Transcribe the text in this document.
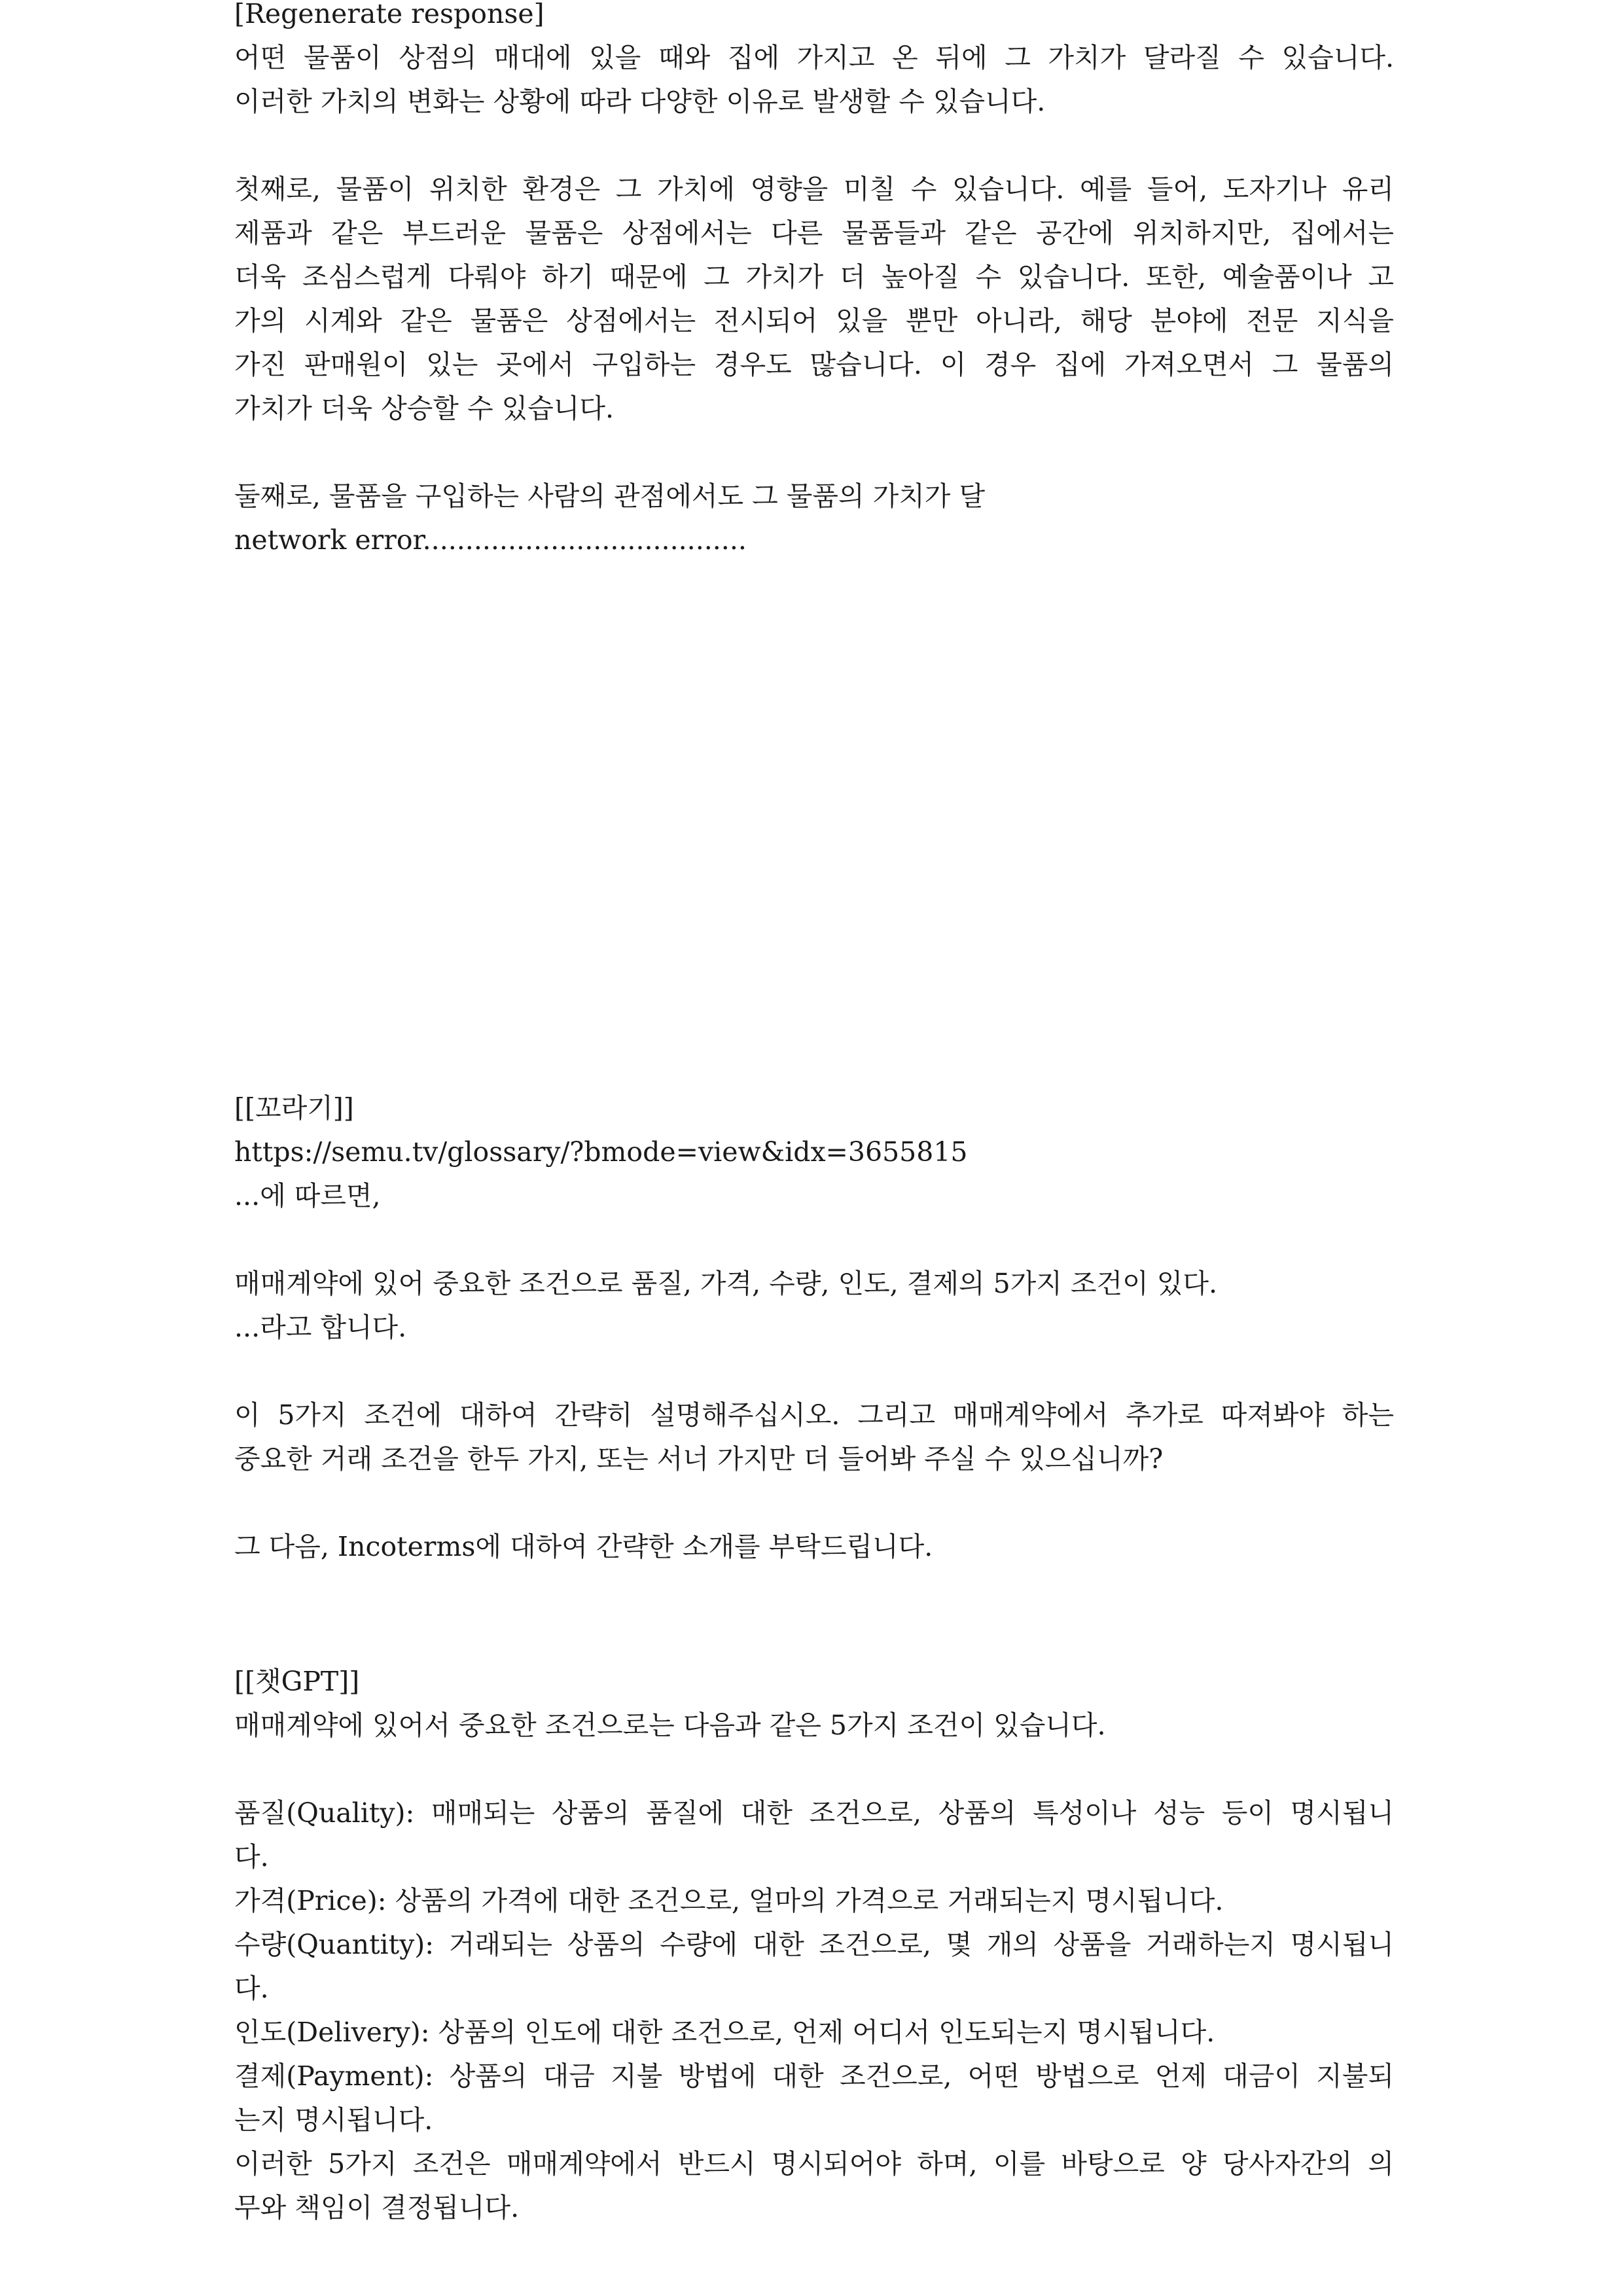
[Regenerate response]
어떤 물품이 상점의 매대에 있을 때와 집에 가지고 온 뒤에 그 가치가 달라질 수 있습니다.
이러한 가치의 변화는 상황에 따라 다양한 이유로 발생할 수 있습니다.
첫째로, 물품이 위치한 환경은 그 가치에 영향을 미칠 수 있습니다. 예를 들어, 도자기나 유리
제품과 같은 부드러운 물품은 상점에서는 다른 물품들과 같은 공간에 위치하지만, 집에서는
더욱 조심스럽게 다뤄야 하기 때문에 그 가치가 더 높아질 수 있습니다. 또한, 예술품이나 고
가의 시계와 같은 물품은 상점에서는 전시되어 있을 뿐만 아니라, 해당 분야에 전문 지식을
가진 판매원이 있는 곳에서 구입하는 경우도 많습니다. 이 경우 집에 가져오면서 그 물품의
가치가 더욱 상승할 수 있습니다.
둘째로, 물품을 구입하는 사람의 관점에서도 그 물품의 가치가 달
network error......................................
[[꼬라기]]
https://semu.tv/glossary/?bmode=view&idx=3655815
...에 따르면,
매매계약에 있어 중요한 조건으로 품질, 가격, 수량, 인도, 결제의 5가지 조건이 있다.
...라고 합니다.
이 5가지 조건에 대하여 간략히 설명해주십시오. 그리고 매매계약에서 추가로 따져봐야 하는
중요한 거래 조건을 한두 가지, 또는 서너 가지만 더 들어봐 주실 수 있으십니까?
그 다음, Incoterms에 대하여 간략한 소개를 부탁드립니다.
[[챗GPT]]
매매계약에 있어서 중요한 조건으로는 다음과 같은 5가지 조건이 있습니다.
품질(Quality): 매매되는 상품의 품질에 대한 조건으로, 상품의 특성이나 성능 등이 명시됩니
다.
가격(Price): 상품의 가격에 대한 조건으로, 얼마의 가격으로 거래되는지 명시됩니다.
수량(Quantity): 거래되는 상품의 수량에 대한 조건으로, 몇 개의 상품을 거래하는지 명시됩니
다.
인도(Delivery): 상품의 인도에 대한 조건으로, 언제 어디서 인도되는지 명시됩니다.
결제(Payment): 상품의 대금 지불 방법에 대한 조건으로, 어떤 방법으로 언제 대금이 지불되
는지 명시됩니다.
이러한 5가지 조건은 매매계약에서 반드시 명시되어야 하며, 이를 바탕으로 양 당사자간의 의
무와 책임이 결정됩니다.
